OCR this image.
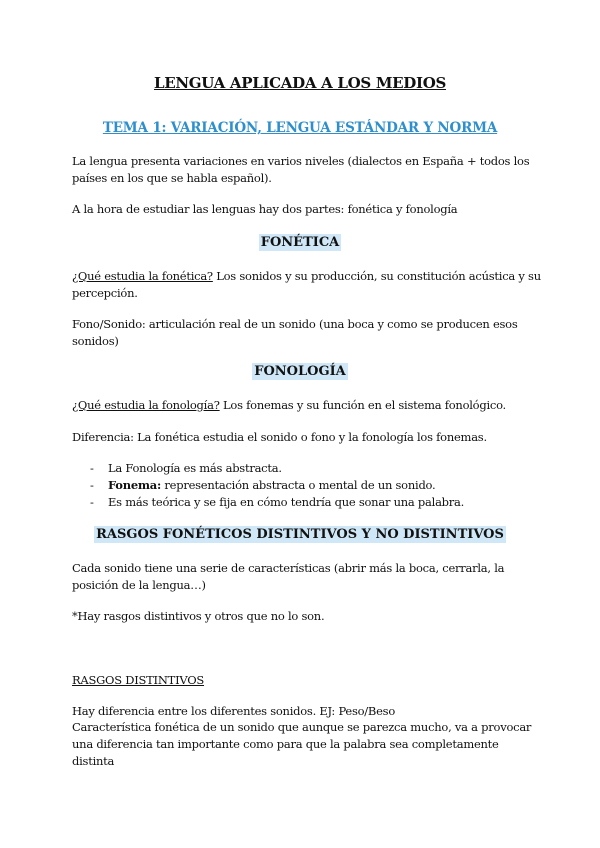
LENGUA APLICADA A LOS MEDIOS
TEMA 1: VARIACIÓN, LENGUA ESTÁNDAR Y NORMA

La lengua presenta variaciones en varios niveles (dialectos en España + todos los países en los que se habla español).

A la hora de estudiar las lenguas hay dos partes: fonética y fonología

FONÉTICA

¿Qué estudia la fonética? Los sonidos y su producción, su constitución acústica y su percepción.

Fono/Sonido: articulación real de un sonido (una boca y como se producen esos sonidos)

FONOLOGÍA

¿Qué estudia la fonología? Los fonemas y su función en el sistema fonológico.

Diferencia: La fonética estudia el sonido o fono y la fonología los fonemas.

- La Fonología es más abstracta.
- Fonema: representación abstracta o mental de un sonido.
- Es más teórica y se fija en cómo tendría que sonar una palabra.
RASGOS FONÉTICOS DISTINTIVOS Y NO DISTINTIVOS

Cada sonido tiene una serie de características (abrir más la boca, cerrarla, la posición de la lengua…)

*Hay rasgos distintivos y otros que no lo son.

RASGOS DISTINTIVOS

Hay diferencia entre los diferentes sonidos. EJ: Peso/Beso

Característica fonética de un sonido que aunque se parezca mucho, va a provocar una diferencia tan importante como para que la palabra sea completamente distinta
